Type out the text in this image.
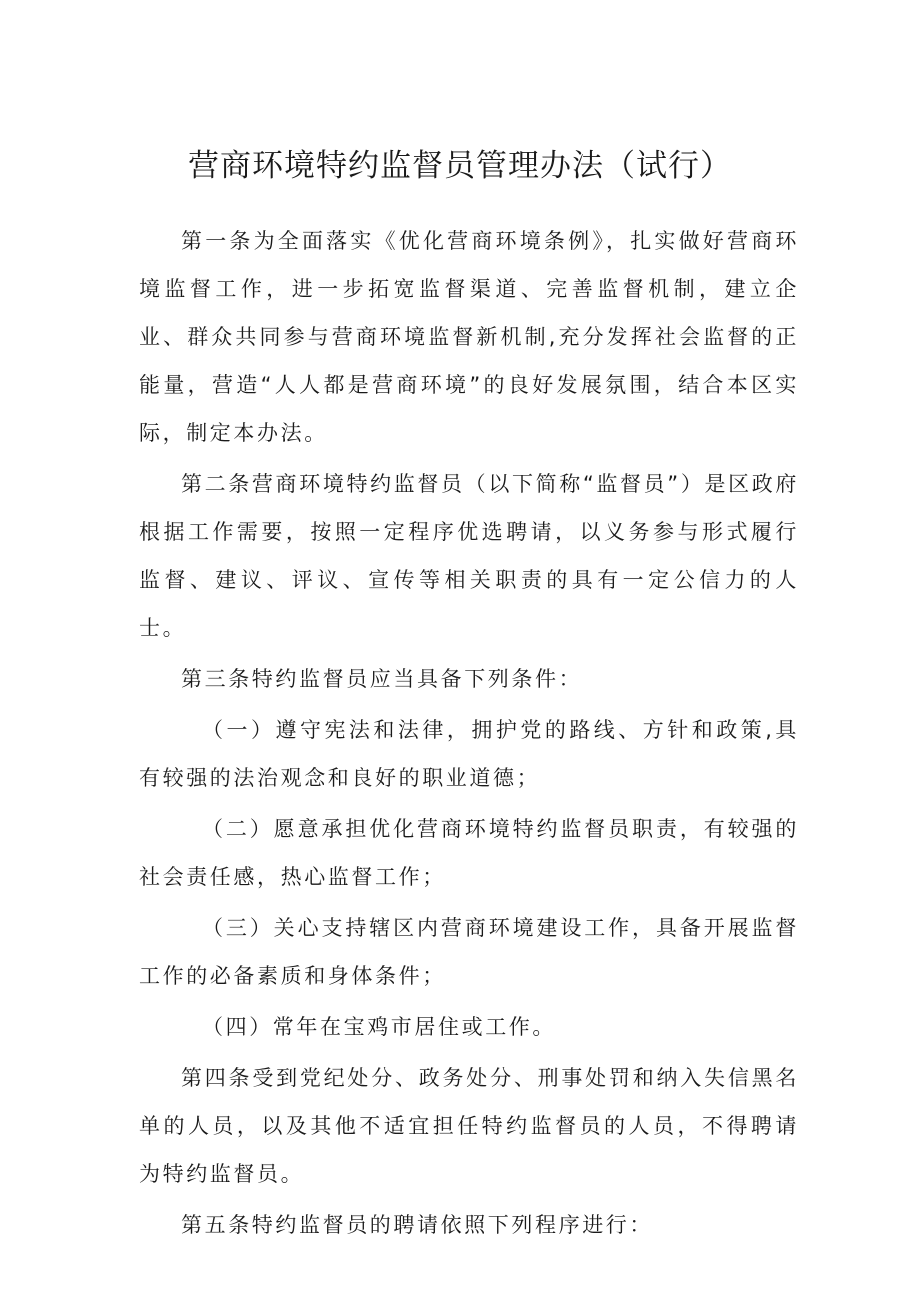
营商环境特约监督员管理办法（试行）

第一条为全面落实《优化营商环境条例》，扎实做好营商环境监督工作，进一步拓宽监督渠道、完善监督机制，建立企业、群众共同参与营商环境监督新机制,充分发挥社会监督的正能量，营造“人人都是营商环境”的良好发展氛围，结合本区实际，制定本办法。

第二条营商环境特约监督员（以下简称“监督员”）是区政府根据工作需要，按照一定程序优选聘请，以义务参与形式履行监督、建议、评议、宣传等相关职责的具有一定公信力的人士。

第三条特约监督员应当具备下列条件：

（一）遵守宪法和法律，拥护党的路线、方针和政策,具有较强的法治观念和良好的职业道德；

（二）愿意承担优化营商环境特约监督员职责，有较强的社会责任感，热心监督工作；

（三）关心支持辖区内营商环境建设工作，具备开展监督工作的必备素质和身体条件；

（四）常年在宝鸡市居住或工作。

第四条受到党纪处分、政务处分、刑事处罚和纳入失信黑名单的人员，以及其他不适宜担任特约监督员的人员，不得聘请为特约监督员。

第五条特约监督员的聘请依照下列程序进行：
